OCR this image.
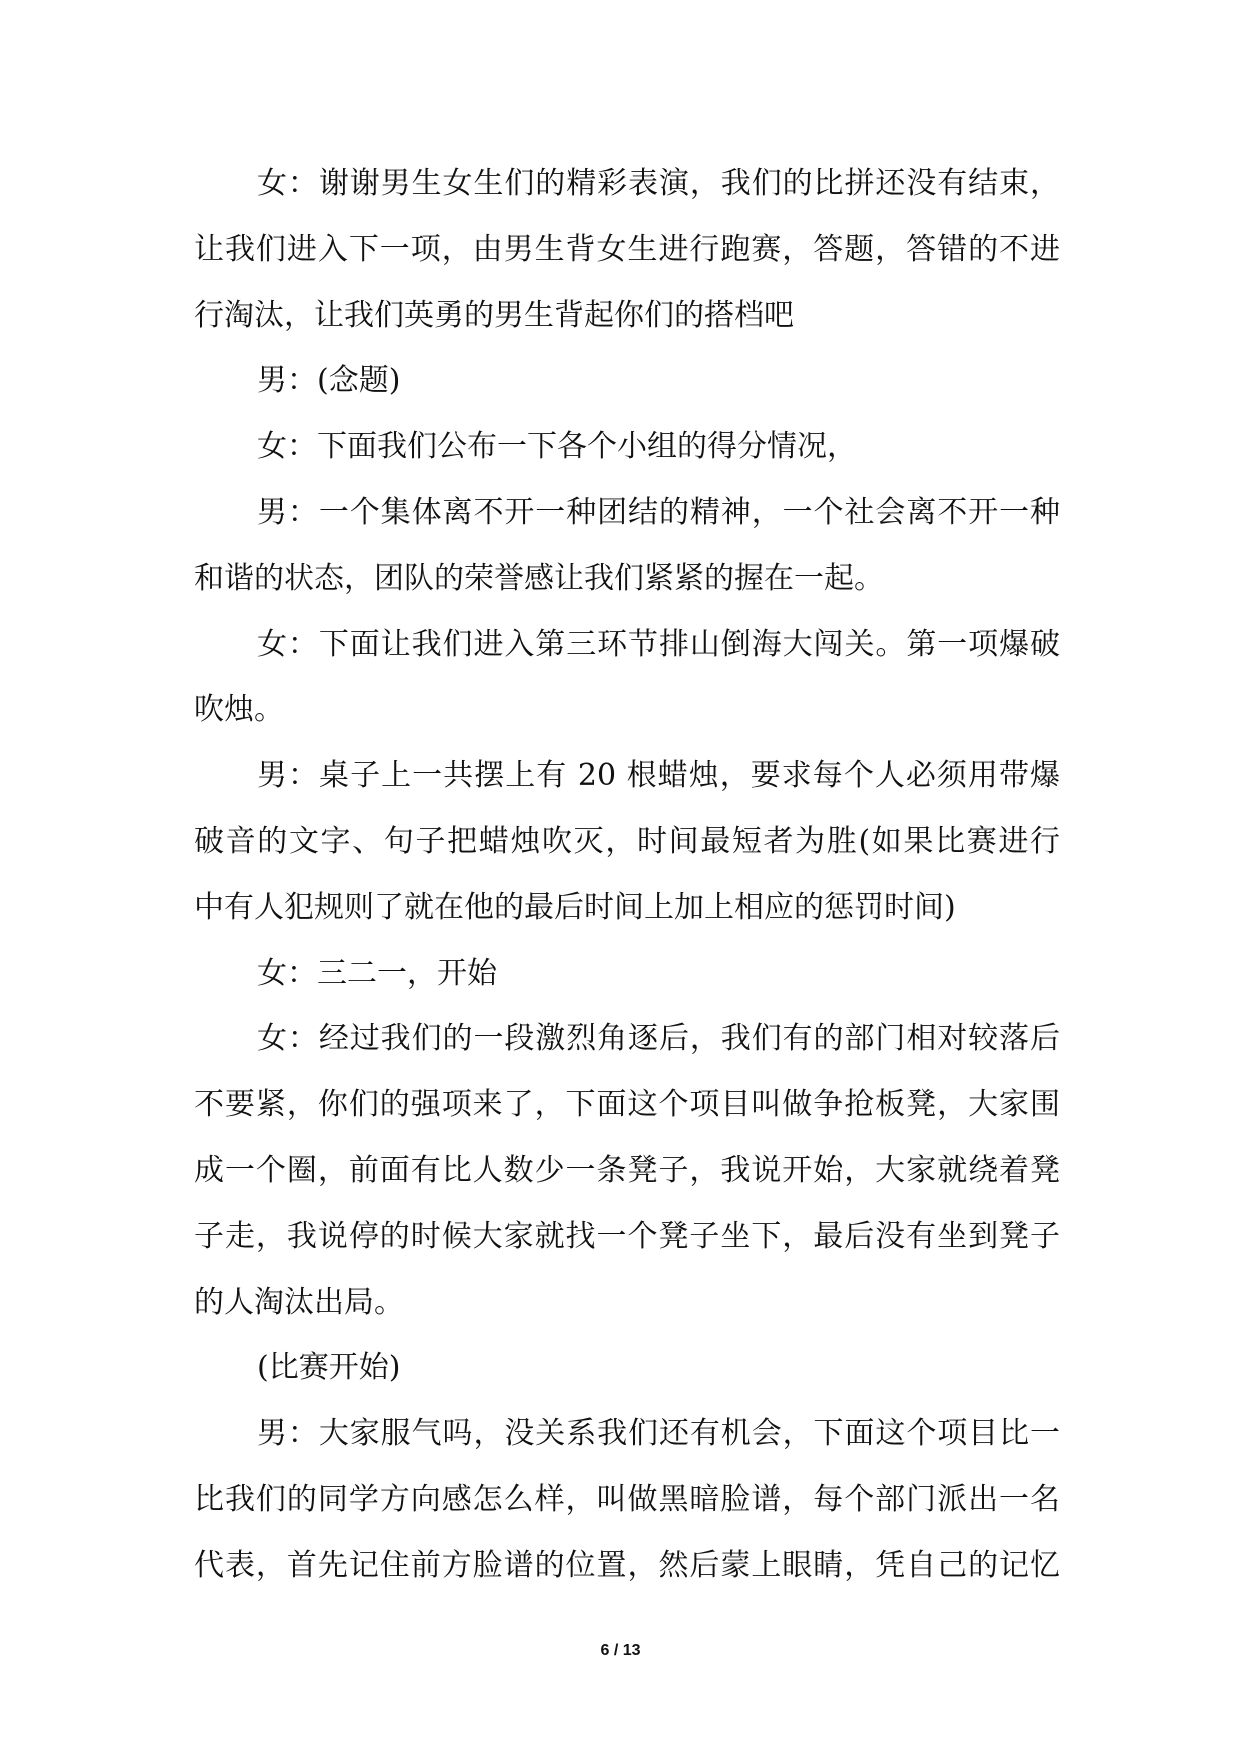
女：谢谢男生女生们的精彩表演，我们的比拼还没有结束，
让我们进入下一项，由男生背女生进行跑赛，答题，答错的不进
行淘汰，让我们英勇的男生背起你们的搭档吧
男：(念题)
女：下面我们公布一下各个小组的得分情况，
男：一个集体离不开一种团结的精神，一个社会离不开一种
和谐的状态，团队的荣誉感让我们紧紧的握在一起。
女：下面让我们进入第三环节排山倒海大闯关。第一项爆破
吹烛。
男：桌子上一共摆上有 20 根蜡烛，要求每个人必须用带爆
破音的文字、句子把蜡烛吹灭，时间最短者为胜(如果比赛进行
中有人犯规则了就在他的最后时间上加上相应的惩罚时间)
女：三二一，开始
女：经过我们的一段激烈角逐后，我们有的部门相对较落后
不要紧，你们的强项来了，下面这个项目叫做争抢板凳，大家围
成一个圈，前面有比人数少一条凳子，我说开始，大家就绕着凳
子走，我说停的时候大家就找一个凳子坐下，最后没有坐到凳子
的人淘汰出局。
(比赛开始)
男：大家服气吗，没关系我们还有机会，下面这个项目比一
比我们的同学方向感怎么样，叫做黑暗脸谱，每个部门派出一名
代表，首先记住前方脸谱的位置，然后蒙上眼睛，凭自己的记忆
6 / 13
